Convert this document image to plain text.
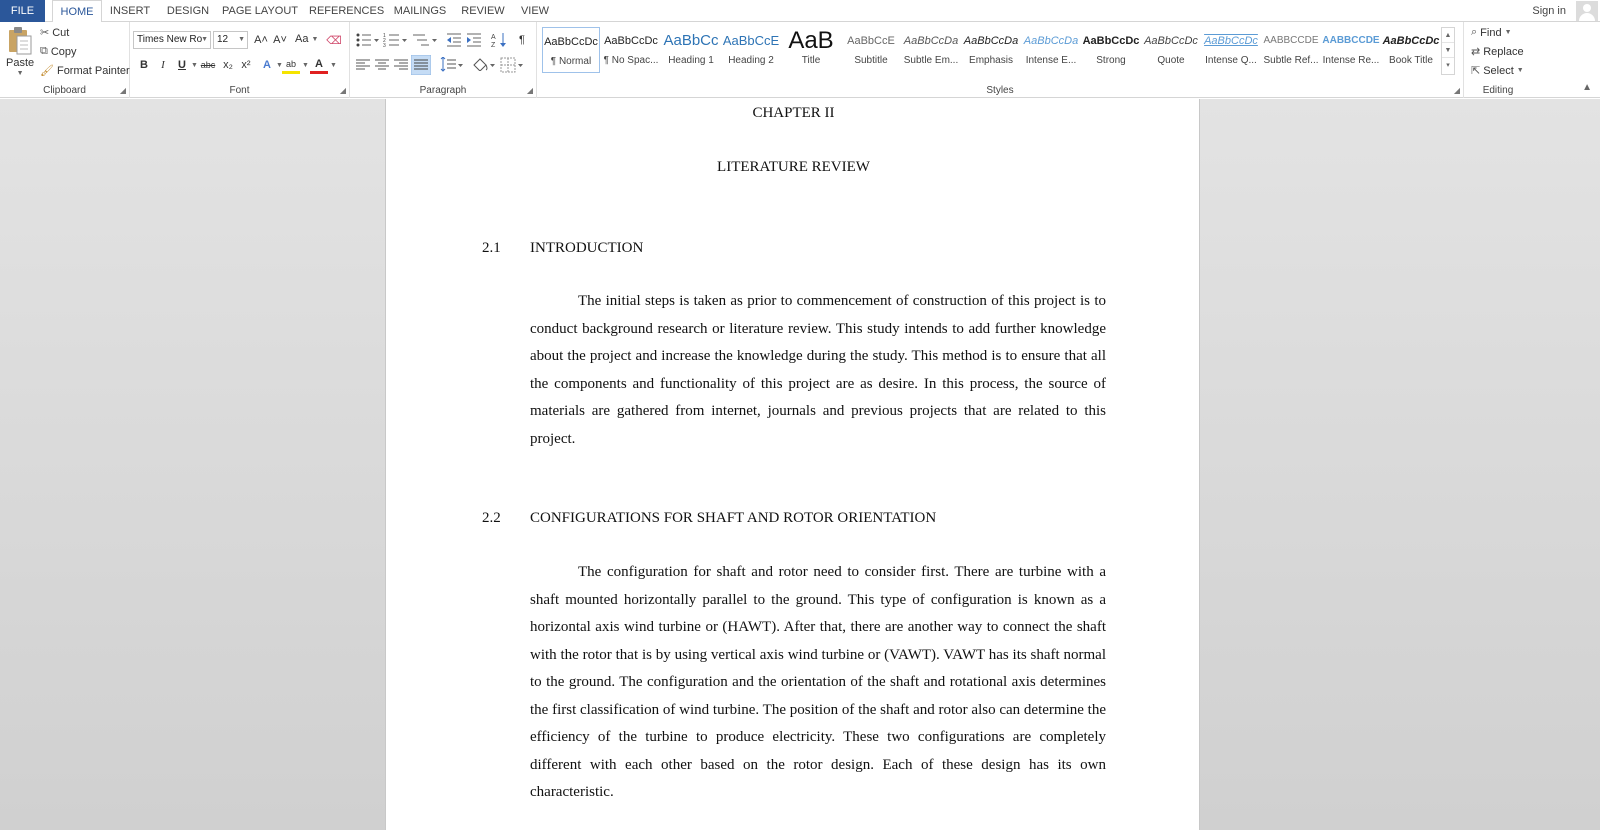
FILE	HOME	INSERT DESIGN PAGE LAYOUT REFERENCES MAILINGS	REVIEW	VIEW	Sign in
Paste
▼
✂ Cut
⧉ Copy
🖌 Format Painter
Clipboard	◢
Times New Ro
▼ 12 ▼ A˄ A˅ Aa ▼ ⌫
B	I	U ▼ abc x₂ x²	A ▼ ab ▼ A	▼
Font	◢
1
2
3
A
Z	¶
Paragraph	◢	Styles	◢
AaBbCcDc
¶ Normal
AaBbCcDc
¶ No Spac...
AaBbCc
Heading 1
AaBbCcE
Heading 2
AaB
Title
AaBbCcE
Subtitle
AaBbCcDa
Subtle Em...
AaBbCcDa
Emphasis
AaBbCcDa
Intense E...
AaBbCcDc
Strong
AaBbCcDc
Quote
AaBbCcDc
Intense Q...
AABBCCDE
Subtle Ref...
AABBCCDE
Intense Re...
AaBbCcDc
Book Title
▲
▼
▾
⌕ Find ▼
⇄ Replace
⇱ Select ▼
Editing	▲
CHAPTER II
LITERATURE REVIEW
2.1 INTRODUCTION
The initial steps is taken as prior to commencement of construction of this project is to conduct background research or literature review. This study intends to add further knowledge about the project and increase the knowledge during the study. This method is to ensure that all the components and functionality of this project are as desire. In this process, the source of materials are gathered from internet, journals and previous projects that are related to this project.
2.2 CONFIGURATIONS FOR SHAFT AND ROTOR ORIENTATION
The configuration for shaft and rotor need to consider first. There are turbine with a shaft mounted horizontally parallel to the ground. This type of configuration is known as a horizontal axis wind turbine or (HAWT). After that, there are another way to connect the shaft with the rotor that is by using vertical axis wind turbine or (VAWT). VAWT has its shaft normal to the ground. The configuration and the orientation of the shaft and rotational axis determines the first classification of wind turbine. The position of the shaft and rotor also can determine the efficiency of the turbine to produce electricity. These two configurations are completely different with each other based on the rotor design. Each of these design has its own characteristic.
